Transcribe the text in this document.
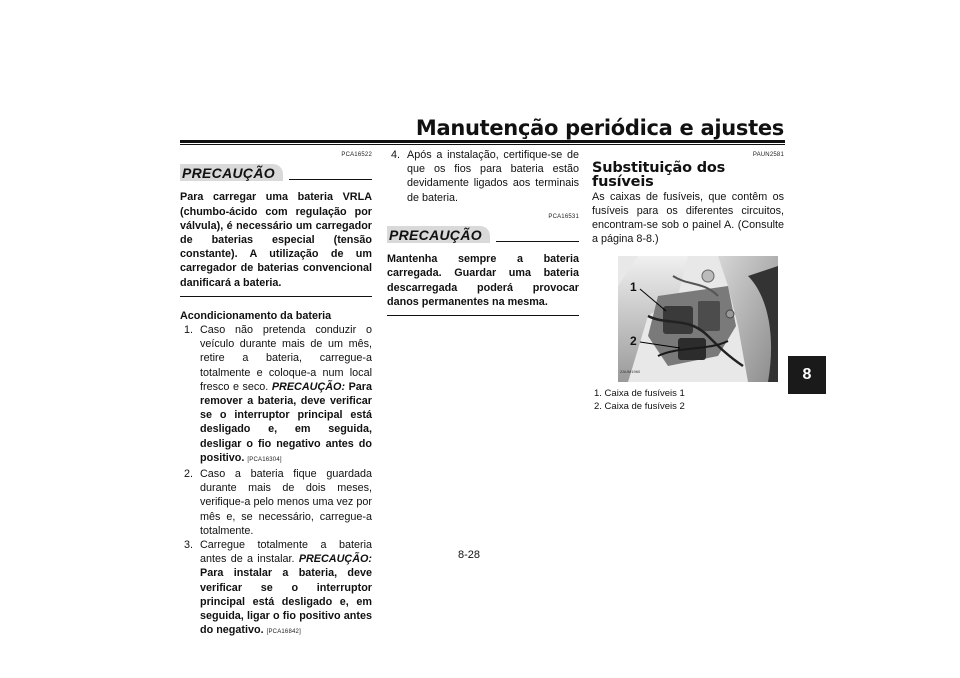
Manutenção periódica e ajustes
8
PCA16522
PRECAUÇÃO
Para carregar uma bateria VRLA (chumbo-ácido com regulação por válvula), é necessário um carregador de baterias especial (tensão constante). A utilização de um carregador de baterias convencional danificará a bateria.
Acondicionamento da bateria
1. Caso não pretenda conduzir o veículo durante mais de um mês, retire a bateria, carregue-a totalmente e coloque-a num local fresco e seco. PRECAUÇÃO: Para remover a bateria, deve verificar se o interruptor principal está desligado e, em seguida, desligar o fio negativo antes do positivo. [PCA16304]
2. Caso a bateria fique guardada durante mais de dois meses, verifique-a pelo menos uma vez por mês e, se necessário, carregue-a totalmente.
3. Carregue totalmente a bateria antes de a instalar. PRECAUÇÃO: Para instalar a bateria, deve verificar se o interruptor principal está desligado e, em seguida, ligar o fio positivo antes do negativo. [PCA16842]
4. Após a instalação, certifique-se de que os fios para bateria estão devidamente ligados aos terminais de bateria.
PCA16531
PRECAUÇÃO
Mantenha sempre a bateria carregada. Guardar uma bateria descarregada poderá provocar danos permanentes na mesma.
PAUN2581
Substituição dos fusíveis
As caixas de fusíveis, que contêm os fusíveis para os diferentes circuitos, encontram-se sob o painel A. (Consulte a página 8-8.)
1
2
ZAUM1960
1. Caixa de fusíveis 1
2. Caixa de fusíveis 2
8-28
